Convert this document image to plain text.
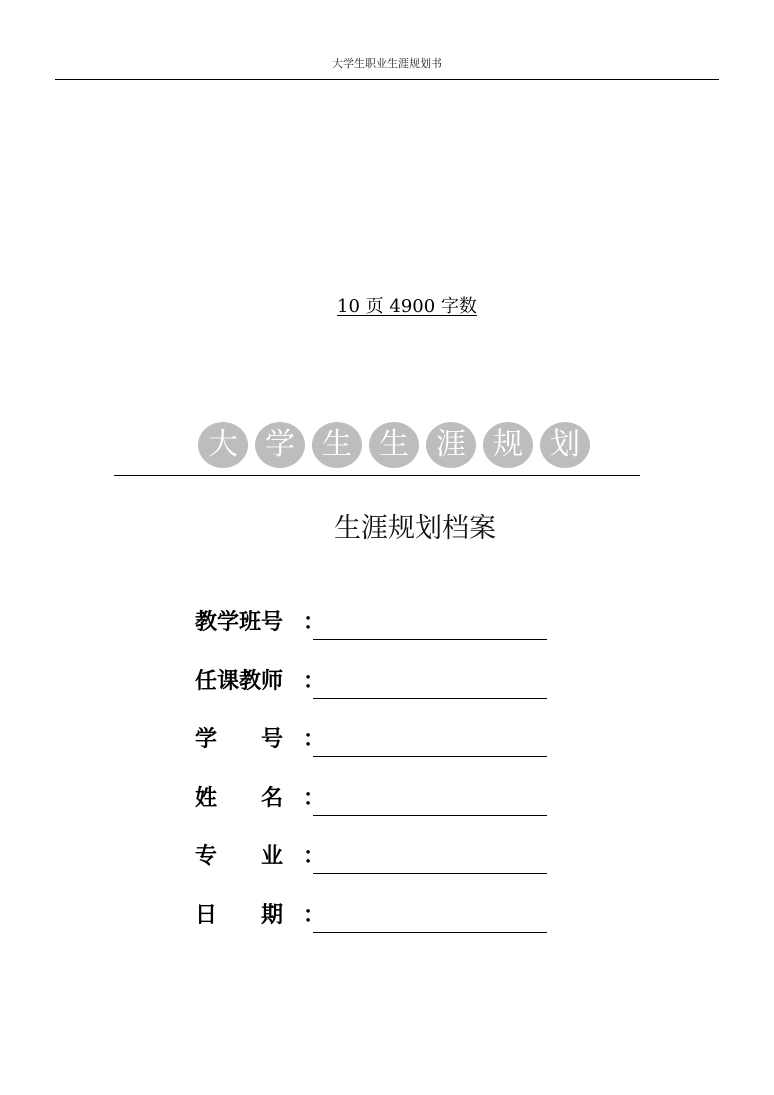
大学生职业生涯规划书
10 页 4900 字数
大 学 生 生 涯 规 划
生涯规划档案
教学班号 ：
任课教师 ：
学　　号 ：
姓　　名 ：
专　　业 ：
日　　期 ：
